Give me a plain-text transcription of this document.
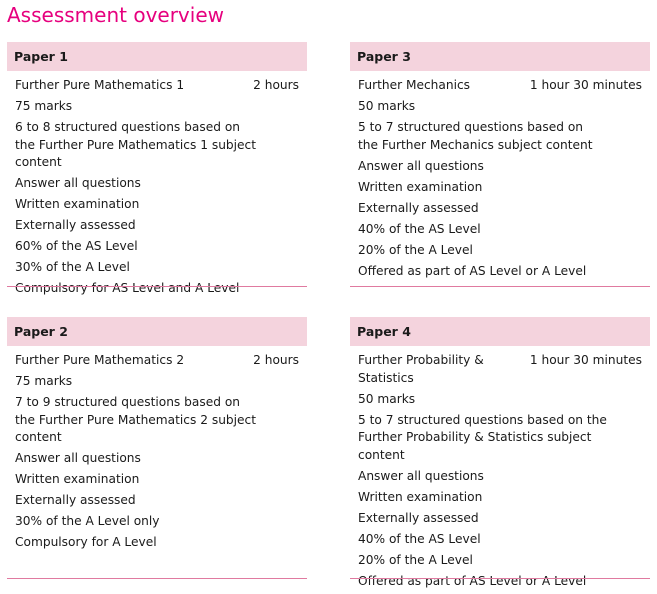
Assessment overview
Paper 1
Further Pure Mathematics 1	2 hours
75 marks
6 to 8 structured questions based on the Further Pure Mathematics 1 subject content
Answer all questions
Written examination
Externally assessed
60% of the AS Level
30% of the A Level
Compulsory for AS Level and A Level
Paper 3
Further Mechanics	1 hour 30 minutes
50 marks
5 to 7 structured questions based on the Further Mechanics subject content
Answer all questions
Written examination
Externally assessed
40% of the AS Level
20% of the A Level
Offered as part of AS Level or A Level
Paper 2
Further Pure Mathematics 2	2 hours
75 marks
7 to 9 structured questions based on the Further Pure Mathematics 2 subject content
Answer all questions
Written examination
Externally assessed
30% of the A Level only
Compulsory for A Level
Paper 4
Further Probability & Statistics
1 hour 30 minutes
50 marks
5 to 7 structured questions based on the Further Probability & Statistics subject content
Answer all questions
Written examination
Externally assessed
40% of the AS Level
20% of the A Level
Offered as part of AS Level or A Level
